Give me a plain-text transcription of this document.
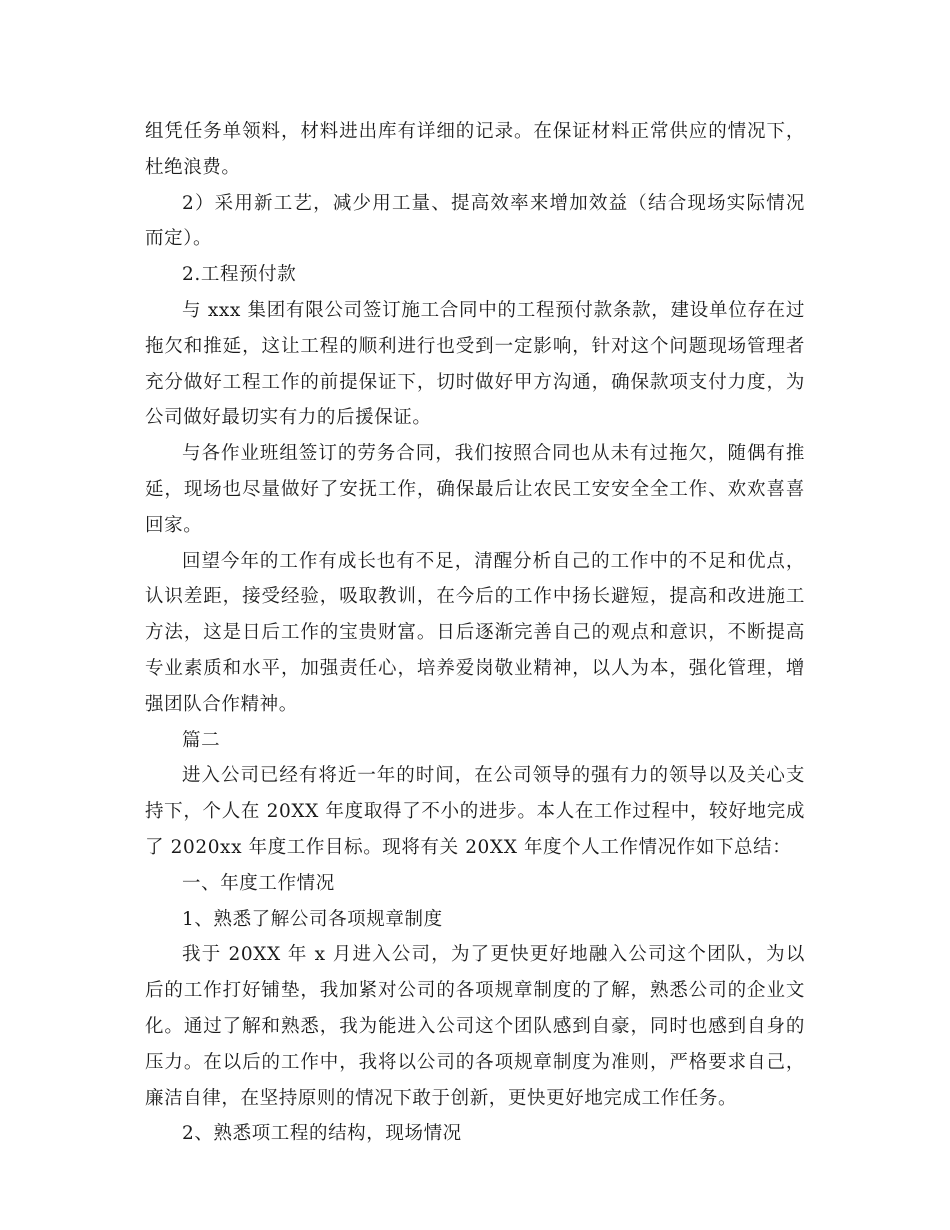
组凭任务单领料，材料进出库有详细的记录。在保证材料正常供应的情况下，杜绝浪费。

2）采用新工艺，减少用工量、提高效率来增加效益（结合现场实际情况而定）。

2.工程预付款

与 xxx 集团有限公司签订施工合同中的工程预付款条款，建设单位存在过拖欠和推延，这让工程的顺利进行也受到一定影响，针对这个问题现场管理者充分做好工程工作的前提保证下，切时做好甲方沟通，确保款项支付力度，为公司做好最切实有力的后援保证。

与各作业班组签订的劳务合同，我们按照合同也从未有过拖欠，随偶有推延，现场也尽量做好了安抚工作，确保最后让农民工安安全全工作、欢欢喜喜回家。

回望今年的工作有成长也有不足，清醒分析自己的工作中的不足和优点，认识差距，接受经验，吸取教训，在今后的工作中扬长避短，提高和改进施工方法，这是日后工作的宝贵财富。日后逐渐完善自己的观点和意识，不断提高专业素质和水平，加强责任心，培养爱岗敬业精神，以人为本，强化管理，增强团队合作精神。

篇二

进入公司已经有将近一年的时间，在公司领导的强有力的领导以及关心支持下，个人在 20XX 年度取得了不小的进步。本人在工作过程中，较好地完成了 2020xx 年度工作目标。现将有关 20XX 年度个人工作情况作如下总结：

一、年度工作情况

1、熟悉了解公司各项规章制度

我于 20XX 年 x 月进入公司，为了更快更好地融入公司这个团队，为以后的工作打好铺垫，我加紧对公司的各项规章制度的了解，熟悉公司的企业文化。通过了解和熟悉，我为能进入公司这个团队感到自豪，同时也感到自身的压力。在以后的工作中，我将以公司的各项规章制度为准则，严格要求自己，廉洁自律，在坚持原则的情况下敢于创新，更快更好地完成工作任务。

2、熟悉项工程的结构，现场情况
